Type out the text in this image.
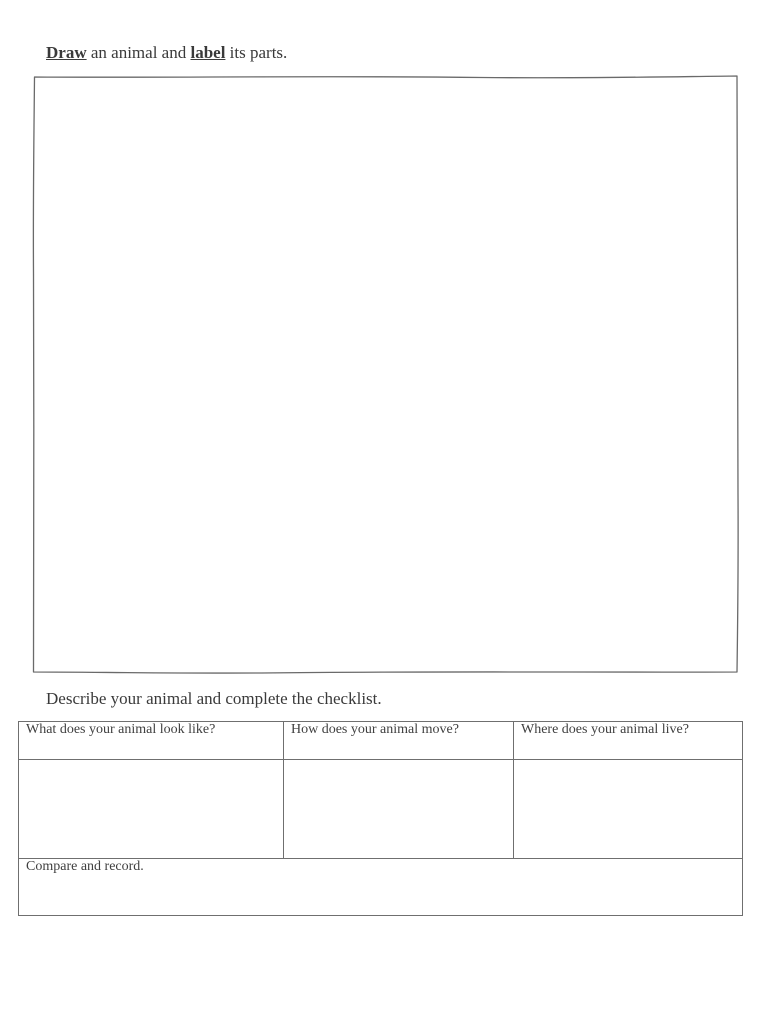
Draw an animal and label its parts.
Describe your animal and complete the checklist.
What does your animal look like?	How does your animal move?	Where does your animal live?

Compare and record.		
